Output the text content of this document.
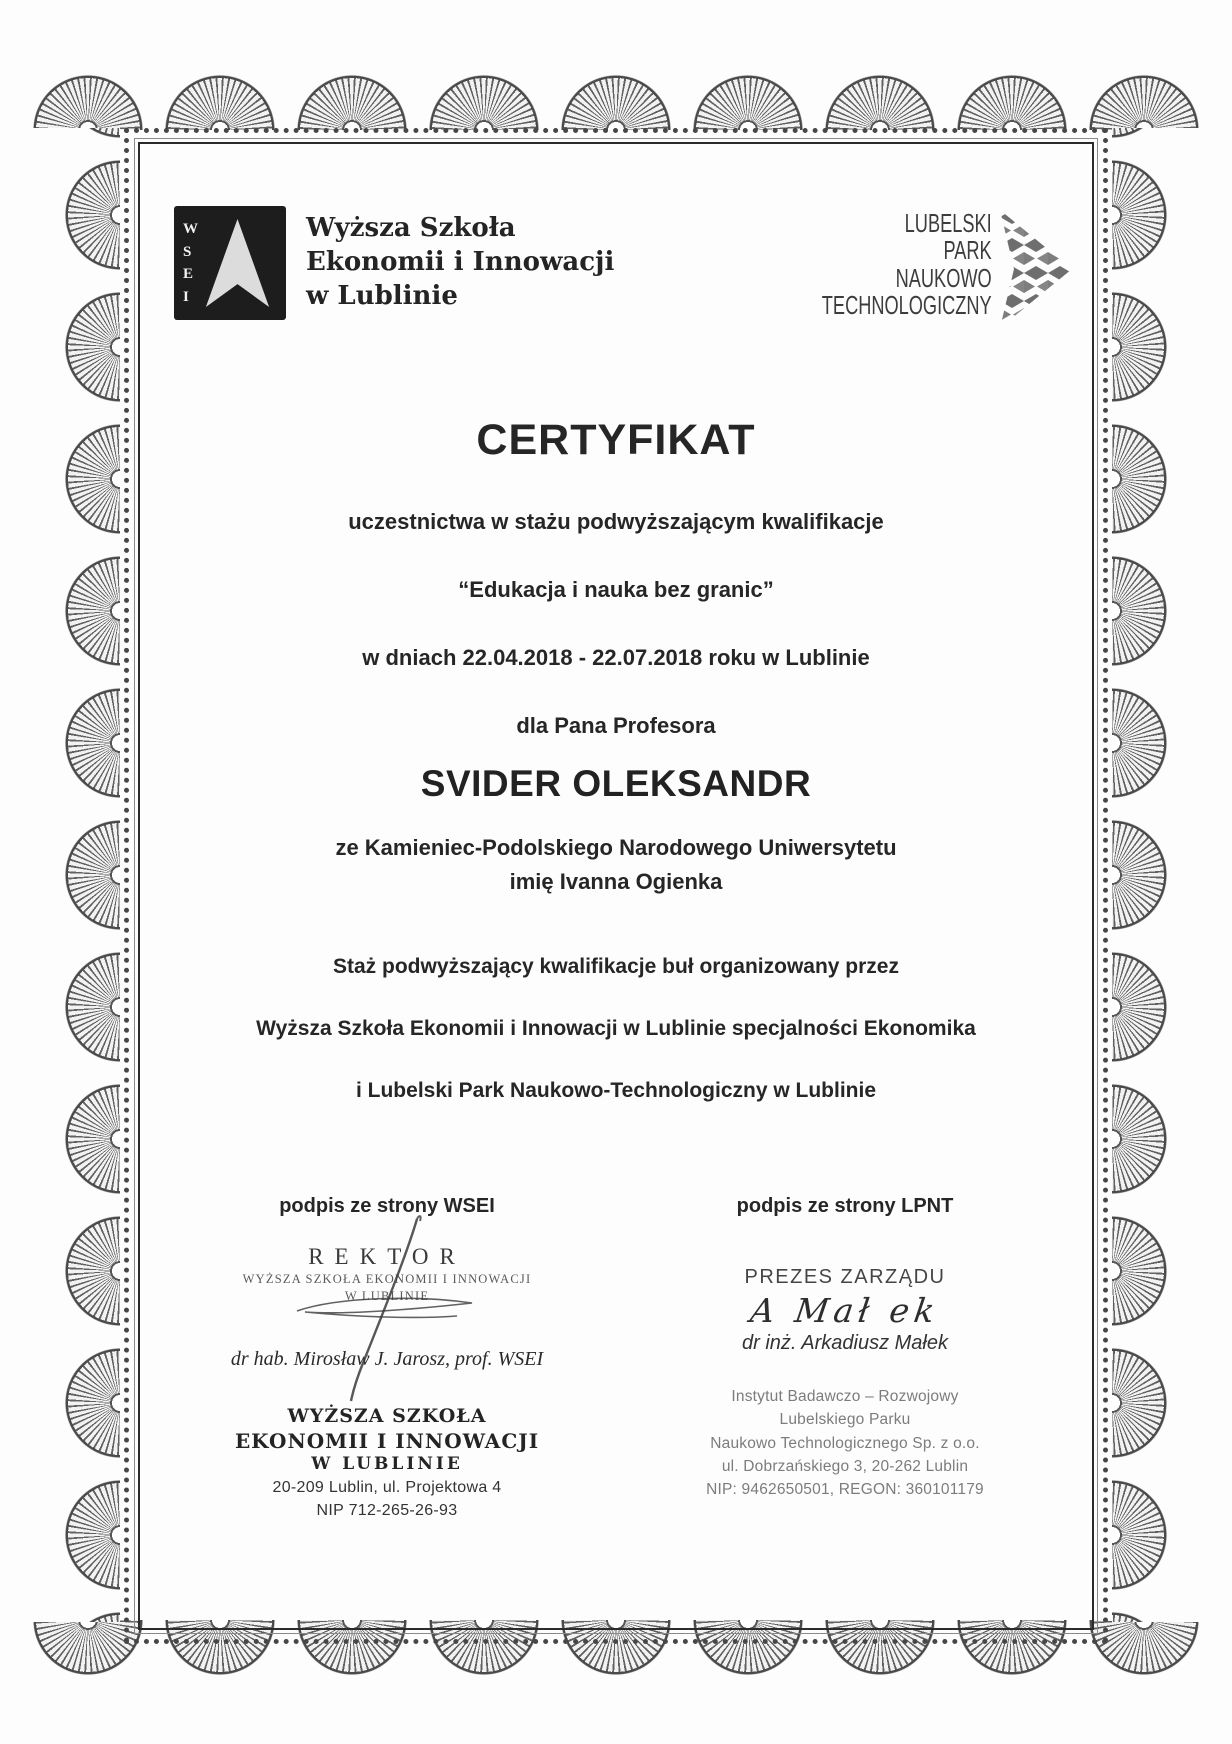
W
S
E
I
Wyższa Szkoła
Ekonomii i Innowacji
w Lublinie
LUBELSKI
PARK
NAUKOWO
TECHNOLOGICZNY
CERTYFIKAT
uczestnictwa w stażu podwyższającym kwalifikacje
“Edukacja i nauka bez granic”
w dniach 22.04.2018 - 22.07.2018 roku w Lublinie
dla Pana Profesora
SVIDER OLEKSANDR
ze Kamieniec-Podolskiego Narodowego Uniwersytetu
imię Ivanna Ogienka
Staż podwyższający kwalifikacje buł organizowany przez
Wyższa Szkoła Ekonomii i Innowacji w Lublinie specjalności Ekonomika
i Lubelski Park Naukowo-Technologiczny w Lublinie
podpis ze strony WSEI
REKTOR
WYŻSZA SZKOŁA EKONOMII I INNOWACJI
W LUBLINIE
dr hab. Mirosław J. Jarosz, prof. WSEI
WYŻSZA SZKOŁA
EKONOMII I INNOWACJI
W LUBLINIE
20-209 Lublin, ul. Projektowa 4
NIP 712-265-26-93
podpis ze strony LPNT
PREZES ZARZĄDU
A Mał ek
dr inż. Arkadiusz Małek
Instytut Badawczo – Rozwojowy
Lubelskiego Parku
Naukowo Technologicznego Sp. z o.o.
ul. Dobrzańskiego 3, 20-262 Lublin
NIP: 9462650501, REGON: 360101179
